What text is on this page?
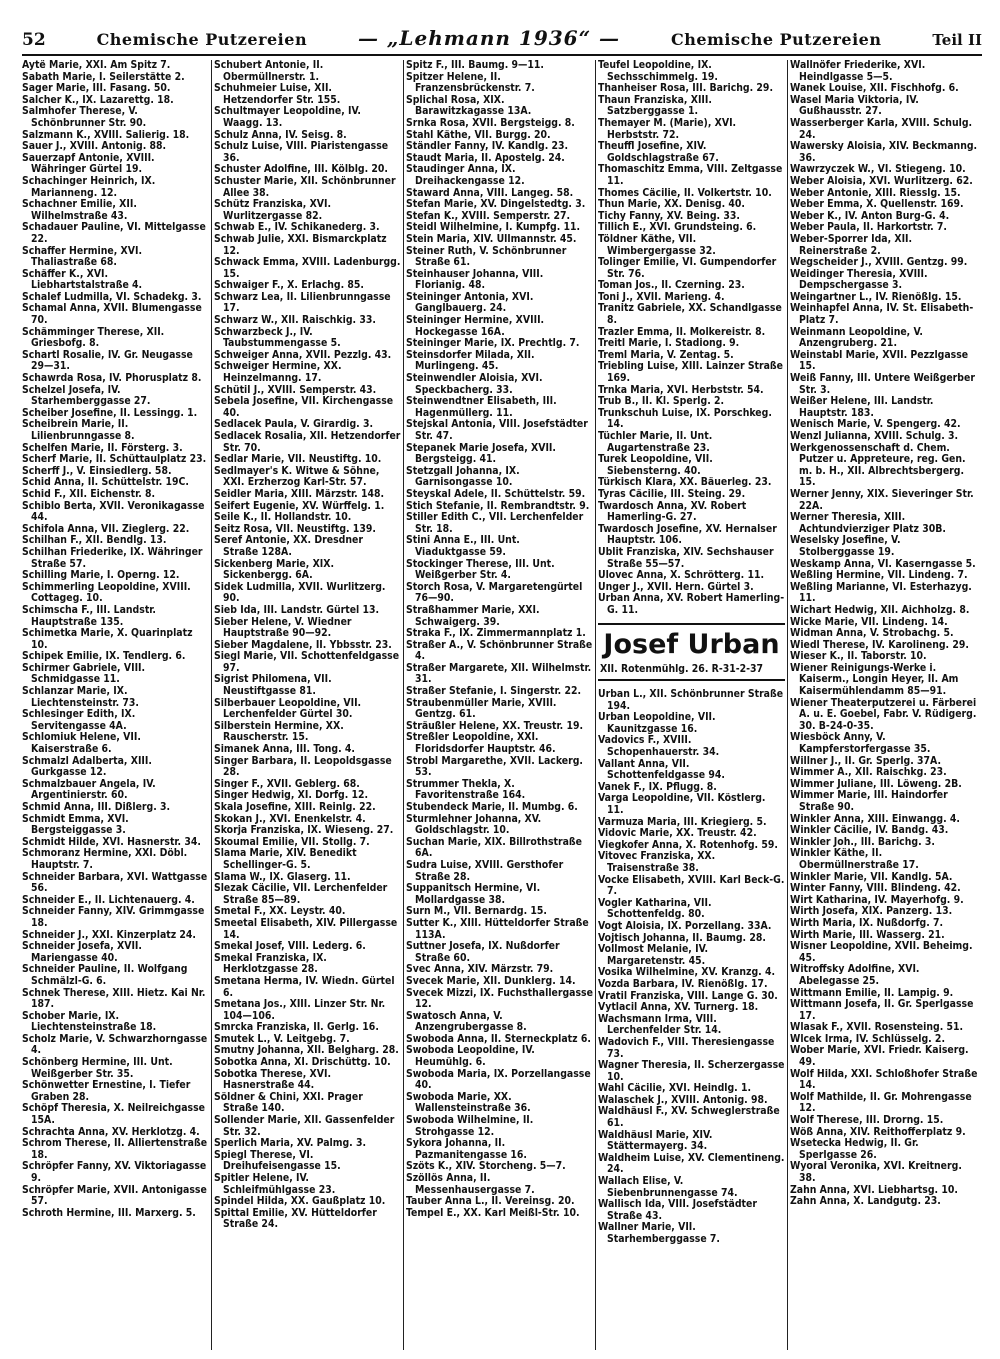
52	Chemische Putzereien	— „Lehmann 1936“ —	Chemische Putzereien	Teil II

Aytë Marie, XXI. Am Spitz 7.

Sabath Marie, I. Seilerstätte 2.

Sager Marie, III. Fasang. 50.

Salcher K., IX. Lazarettg. 18.

Salmhofer Therese, V. Schönbrunner Str. 90.

Salzmann K., XVIII. Salierig. 18.

Sauer J., XVIII. Antonig. 88.

Sauerzapf Antonie, XVIII. Währinger Gürtel 19.

Schachinger Heinrich, IX. Marianneng. 12.

Schachner Emilie, XII. Wilhelmstraße 43.

Schadauer Pauline, VI. Mittelgasse 22.

Schaffer Hermine, XVI. Thaliastraße 68.

Schäffer K., XVI. Liebhartstalstraße 4.

Schalef Ludmilla, VI. Schadekg. 3.

Schamal Anna, XVII. Blumengasse 70.

Schämminger Therese, XII. Griesbofg. 8.

Schartl Rosalie, IV. Gr. Neugasse 29—31.

Schawrda Rosa, IV. Phorusplatz 8.

Schelzel Josefa, IV. Starhemberggasse 27.

Scheiber Josefine, II. Lessingg. 1.

Scheibrein Marie, II. Lilienbrunngasse 8.

Schelfen Marie, II. Försterg. 3.

Scherf Marie, II. Schüttaulplatz 23.

Scherff J., V. Einsiedlerg. 58.

Schid Anna, II. Schüttelstr. 19C.

Schid F., XII. Eichenstr. 8.

Schiblo Berta, XVII. Veronikagasse 44.

Schifola Anna, VII. Zieglerg. 22.

Schilhan F., XII. Bendlg. 13.

Schilhan Friederike, IX. Währinger Straße 57.

Schilling Marie, I. Operng. 12.

Schimmerling Leopoldine, XVIII. Cottageg. 10.

Schimscha F., III. Landstr. Hauptstraße 135.

Schimetka Marie, X. Quarinplatz 10.

Schipek Emilie, IX. Tendlerg. 6.

Schirmer Gabriele, VIII. Schmidgasse 11.

Schlanzar Marie, IX. Liechtensteinstr. 73.

Schlesinger Edith, IX. Servitengasse 4A.

Schlomiuk Helene, VII. Kaiserstraße 6.

Schmalzl Adalberta, XIII. Gurkgasse 12.

Schmalzbauer Angela, IV. Argentinierstr. 60.

Schmid Anna, III. Dißlerg. 3.

Schmidt Emma, XVI. Bergsteiggasse 3.

Schmidt Hilde, XVI. Hasnerstr. 34.

Schmoranz Hermine, XXI. Döbl. Hauptstr. 7.

Schneider Barbara, XVI. Wattgasse 56.

Schneider E., II. Lichtenauerg. 4.

Schneider Fanny, XIV. Grimmgasse 18.

Schneider J., XXI. Kinzerplatz 24.

Schneider Josefa, XVII. Mariengasse 40.

Schneider Pauline, II. Wolfgang Schmälzl-G. 6.

Schnek Therese, XIII. Hietz. Kai Nr. 187.

Schober Marie, IX. Liechtensteinstraße 18.

Scholz Marie, V. Schwarzhorngasse 4.

Schönberg Hermine, III. Unt. Weißgerber Str. 35.

Schönwetter Ernestine, I. Tiefer Graben 28.

Schöpf Theresia, X. Neilreichgasse 15A.

Schrachta Anna, XV. Herklotzg. 4.

Schrom Therese, II. Alliertenstraße 18.

Schröpfer Fanny, XV. Viktoriagasse 9.

Schröpfer Marie, XVII. Antonigasse 57.

Schroth Hermine, III. Marxerg. 5.

Schubert Antonie, II. Obermüllnerstr. 1.

Schuhmeier Luise, XII. Hetzendorfer Str. 155.

Schultmayer Leopoldine, IV. Waagg. 13.

Schulz Anna, IV. Seisg. 8.

Schulz Luise, VIII. Piaristengasse 36.

Schuster Adolfine, III. Kölblg. 20.

Schuster Marie, XII. Schönbrunner Allee 38.

Schütz Franziska, XVI. Wurlitzergasse 82.

Schwab E., IV. Schikanederg. 3.

Schwab Julie, XXI. Bismarckplatz 12.

Schwack Emma, XVIII. Ladenburgg. 15.

Schwaiger F., X. Erlachg. 85.

Schwarz Lea, II. Lilienbrunngasse 17.

Schwarz W., XII. Raischkig. 33.

Schwarzbeck J., IV. Taubstummengasse 5.

Schweiger Anna, XVII. Pezzlg. 43.

Schweiger Hermine, XX. Heinzelmanng. 17.

Schütil J., XVIII. Semperstr. 43.

Sebela Josefine, VII. Kirchengasse 40.

Sedlacek Paula, V. Girardig. 3.

Sedlacek Rosalia, XII. Hetzendorfer Str. 70.

Sedlar Marie, VII. Neustiftg. 10.

Sedlmayer's K. Witwe & Söhne, XXI. Erzherzog Karl-Str. 57.

Seidler Maria, XIII. Märzstr. 148.

Seifert Eugenie, XV. Würffelg. 1.

Seile K., II. Hollandstr. 10.

Seitz Rosa, VII. Neustiftg. 139.

Seref Antonie, XX. Dresdner Straße 128A.

Sickenberg Marie, XIX. Sickenbergg. 6A.

Sidek Ludmilla, XVII. Wurlitzerg. 90.

Sieb Ida, III. Landstr. Gürtel 13.

Sieber Helene, V. Wiedner Hauptstraße 90—92.

Sieber Magdalene, II. Ybbsstr. 23.

Siegl Marie, VII. Schottenfeldgasse 97.

Sigrist Philomena, VII. Neustiftgasse 81.

Silberbauer Leopoldine, VII. Lerchenfelder Gürtel 30.

Silberstein Hermine, XX. Rauscherstr. 15.

Simanek Anna, III. Tong. 4.

Singer Barbara, II. Leopoldsgasse 28.

Singer F., XVII. Geblerg. 68.

Singer Hedwig, XI. Dorfg. 12.

Skala Josefine, XIII. Reinlg. 22.

Skokan J., XVI. Enenkelstr. 4.

Skorja Franziska, IX. Wieseng. 27.

Skoumal Emilie, VII. Stollg. 7.

Slama Marie, XIV. Benedikt Schellinger-G. 5.

Slama W., IX. Glaserg. 11.

Slezak Cäcilie, VII. Lerchenfelder Straße 85—89.

Smetal F., XX. Leystr. 40.

Smeetal Elisabeth, XIV. Pillergasse 14.

Smekal Josef, VIII. Lederg. 6.

Smekal Franziska, IX. Herklotzgasse 28.

Smetana Herma, IV. Wiedn. Gürtel 6.

Smetana Jos., XIII. Linzer Str. Nr. 104—106.

Smrcka Franziska, II. Gerlg. 16.

Smutek L., V. Leitgebg. 7.

Smutny Johanna, XII. Belgharg. 28.

Sobotka Anna, XI. Drischüttg. 10.

Sobotka Therese, XVI. Hasnerstraße 44.

Söldner & Chini, XXI. Prager Straße 140.

Sollender Marie, XII. Gassenfelder Str. 32.

Sperlich Maria, XV. Palmg. 3.

Spiegl Therese, VI. Dreihufeisengasse 15.

Spitler Helene, IV. Schleifmühlgasse 23.

Spindel Hilda, XX. Gaußplatz 10.

Spittal Emilie, XV. Hütteldorfer Straße 24.

Spitz F., III. Baumg. 9—11.

Spitzer Helene, II. Franzensbrückenstr. 7.

Splichal Rosa, XIX. Barawitzkagasse 13A.

Srnka Rosa, XVII. Bergsteigg. 8.

Stahl Käthe, VII. Burgg. 20.

Ständler Fanny, IV. Kandlg. 23.

Staudt Maria, II. Apostelg. 24.

Staudinger Anna, IX. Dreihackengasse 12.

Staward Anna, VIII. Langeg. 58.

Stefan Marie, XV. Dingelstedtg. 3.

Stefan K., XVIII. Semperstr. 27.

Steidl Wilhelmine, I. Kumpfg. 11.

Stein Maria, XIV. Ullmannstr. 45.

Steiner Ruth, V. Schönbrunner Straße 61.

Steinhauser Johanna, VIII. Florianig. 48.

Steininger Antonia, XVI. Ganglbauerg. 24.

Steininger Hermine, XVIII. Hockegasse 16A.

Steininger Marie, IX. Prechtlg. 7.

Steinsdorfer Milada, XII. Murlingeng. 45.

Steinwendler Aloisia, XVI. Speckbacherg. 33.

Steinwendtner Elisabeth, III. Hagenmüllerg. 11.

Stejskal Antonia, VIII. Josefstädter Str. 47.

Stepanek Marie Josefa, XVII. Bergsteigg. 41.

Stetzgall Johanna, IX. Garnisongasse 10.

Steyskal Adele, II. Schüttelstr. 59.

Stich Stefanie, II. Rembrandtstr. 9.

Stiller Edith C., VII. Lerchenfelder Str. 18.

Stini Anna E., III. Unt. Viaduktgasse 59.

Stockinger Therese, III. Unt. Weißgerber Str. 4.

Storch Rosa, V. Margaretengürtel 76—90.

Straßhammer Marie, XXI. Schwaigerg. 39.

Straka F., IX. Zimmermannplatz 1.

Straßer A., V. Schönbrunner Straße 4.

Straßer Margarete, XII. Wilhelmstr. 31.

Straßer Stefanie, I. Singerstr. 22.

Straubenmüller Marie, XVIII. Gentzg. 61.

Sträußler Helene, XX. Treustr. 19.

Streßler Leopoldine, XXI. Floridsdorfer Hauptstr. 46.

Strobl Margarethe, XVII. Lackerg. 53.

Strummer Thekla, X. Favoritenstraße 164.

Stubendeck Marie, II. Mumbg. 6.

Sturmlehner Johanna, XV. Goldschlagstr. 10.

Suchan Marie, XIX. Billrothstraße 6A.

Sudra Luise, XVIII. Gersthofer Straße 28.

Suppanitsch Hermine, VI. Mollardgasse 38.

Surn M., VII. Bernardg. 15.

Sutter K., XIII. Hütteldorfer Straße 113A.

Suttner Josefa, IX. Nußdorfer Straße 60.

Svec Anna, XIV. Märzstr. 79.

Svecek Marie, XII. Dunklerg. 14.

Svecek Mizzi, IX. Fuchsthallergasse 12.

Swatosch Anna, V. Anzengrubergasse 8.

Swoboda Anna, II. Sterneckplatz 6.

Swoboda Leopoldine, IV. Heumühlg. 6.

Swoboda Maria, IX. Porzellangasse 40.

Swoboda Marie, XX. Wallensteinstraße 36.

Swoboda Wilhelmine, II. Strohgasse 12.

Sykora Johanna, II. Pazmanitengasse 16.

Szöts K., XIV. Storcheng. 5—7.

Szöllös Anna, II. Messenhausergasse 7.

Tauber Anna L., II. Vereinsg. 20.

Tempel E., XX. Karl Meißl-Str. 10.

Teufel Leopoldine, IX. Sechsschimmelg. 19.

Thanheiser Rosa, III. Barichg. 29.

Thaun Franziska, XIII. Satzberggasse 1.

Themayer M. (Marie), XVI. Herbststr. 72.

Theuffl Josefine, XIV. Goldschlagstraße 67.

Thomaschitz Emma, VIII. Zeltgasse 11.

Thomes Cäcilie, II. Volkertstr. 10.

Thun Marie, XX. Denisg. 40.

Tichy Fanny, XV. Being. 33.

Tillich E., XVI. Grundsteing. 6.

Töldner Käthe, VII. Wimbergergasse 32.

Tolinger Emilie, VI. Gumpendorfer Str. 76.

Toman Jos., II. Czerning. 23.

Toni J., XVII. Marieng. 4.

Tranitz Gabriele, XX. Schandlgasse 8.

Trazler Emma, II. Molkereistr. 8.

Treitl Marie, I. Stadiong. 9.

Treml Maria, V. Zentag. 5.

Triebling Luise, XIII. Lainzer Straße 169.

Trnka Maria, XVI. Herbststr. 54.

Trub B., II. Kl. Sperlg. 2.

Trunkschuh Luise, IX. Porschkeg. 14.

Tüchler Marie, II. Unt. Augartenstraße 23.

Turek Leopoldine, VII. Siebensterng. 40.

Türkisch Klara, XX. Bäuerleg. 23.

Tyras Cäcilie, III. Steing. 29.

Twardosch Anna, XV. Robert Hamerling-G. 27.

Twardosch Josefine, XV. Hernalser Hauptstr. 106.

Ublit Franziska, XIV. Sechshauser Straße 55—57.

Ulovec Anna, X. Schrötterg. 11.

Unger J., XVII. Hern. Gürtel 3.

Urban Anna, XV. Robert Hamerling-G. 11.

Josef Urban
XII. Rotenmühlg. 26. R-31-2-37

Urban L., XII. Schönbrunner Straße 194.

Urban Leopoldine, VII. Kaunitzgasse 16.

Vadovics F., XVIII. Schopenhauerstr. 34.

Vallant Anna, VII. Schottenfeldgasse 94.

Vanek F., IX. Pflugg. 8.

Varga Leopoldine, VII. Köstlerg. 11.

Varmuza Maria, III. Kriegierg. 5.

Vidovic Marie, XX. Treustr. 42.

Viegkofer Anna, X. Rotenhofg. 59.

Vitovec Franziska, XX. Traisenstraße 38.

Vocke Elisabeth, XVIII. Karl Beck-G. 7.

Vogler Katharina, VII. Schottenfeldg. 80.

Vogt Aloisia, IX. Porzellang. 33A.

Vojtisch Johanna, II. Baumg. 28.

Vollmost Melanie, IV. Margaretenstr. 45.

Vosika Wilhelmine, XV. Kranzg. 4.

Vozda Barbara, IV. Rienößlg. 17.

Vratil Franziska, VIII. Lange G. 30.

Vytlacil Anna, XV. Turnerg. 18.

Wachsmann Irma, VIII. Lerchenfelder Str. 14.

Wadovich F., VIII. Theresiengasse 73.

Wagner Theresia, II. Scherzergasse 10.

Wahl Cäcilie, XVI. Heindlg. 1.

Walaschek J., XVIII. Antonig. 98.

Waldhäusl F., XV. Schweglerstraße 61.

Waldhäusl Marie, XIV. Stättermayerg. 34.

Waldheim Luise, XV. Clementineng. 24.

Wallach Elise, V. Siebenbrunnengasse 74.

Wallisch Ida, VIII. Josefstädter Straße 43.

Wallner Marie, VII. Starhemberggasse 7.

Wallnöfer Friederike, XVI. Heindlgasse 5—5.

Wanek Louise, XII. Fischhofg. 6.

Wasel Maria Viktoria, IV. Gußhausstr. 27.

Wasserberger Karla, XVIII. Schulg. 24.

Wawersky Aloisia, XIV. Beckmanng. 36.

Wawrzyczek W., VI. Stiegeng. 10.

Weber Aloisia, XVI. Wurlitzerg. 62.

Weber Antonie, XIII. Riesslg. 15.

Weber Emma, X. Quellenstr. 169.

Weber K., IV. Anton Burg-G. 4.

Weber Paula, II. Harkortstr. 7.

Weber-Sporrer Ida, XII. Reinerstraße 2.

Wegscheider J., XVIII. Gentzg. 99.

Weidinger Theresia, XVIII. Dempschergasse 3.

Weingartner L., IV. Rienößlg. 15.

Weinhapfel Anna, IV. St. Elisabeth-Platz 7.

Weinmann Leopoldine, V. Anzengruberg. 21.

Weinstabl Marie, XVII. Pezzlgasse 15.

Weiß Fanny, III. Untere Weißgerber Str. 3.

Weißer Helene, III. Landstr. Hauptstr. 183.

Wenisch Marie, V. Spengerg. 42.

Wenzl Julianna, XVIII. Schulg. 3.

Werkgenossenschaft d. Chem. Putzer u. Appreteure, reg. Gen. m. b. H., XII. Albrechtsbergerg. 15.

Werner Jenny, XIX. Sieveringer Str. 22A.

Werner Theresia, XIII. Achtundvierziger Platz 30B.

Weselsky Josefine, V. Stolberggasse 19.

Weskamp Anna, VI. Kaserngasse 5.

Weßling Hermine, VII. Lindeng. 7.

Weßling Marianne, VI. Esterhazyg. 11.

Wichart Hedwig, XII. Aichholzg. 8.

Wicke Marie, VII. Lindeng. 14.

Widman Anna, V. Strobachg. 5.

Wiedl Therese, IV. Karolineng. 29.

Wieser K., II. Taborstr. 10.

Wiener Reinigungs-Werke i. Kaiserm., Longin Heyer, II. Am Kaisermühlendamm 85—91.

Wiener Theaterputzerei u. Färberei A. u. E. Goebel, Fabr. V. Rüdigerg. 30. B-24-0-35.

Wiesböck Anny, V. Kampferstorfergasse 35.

Willner J., II. Gr. Sperlg. 37A.

Wimmer A., XII. Raischkg. 23.

Wimmer Juliane, III. Löweng. 2B.

Wimmer Marie, III. Haindorfer Straße 90.

Winkler Anna, XIII. Einwangg. 4.

Winkler Cäcilie, IV. Bandg. 43.

Winkler Joh., III. Barichg. 3.

Winkler Käthe, II. Obermüllnerstraße 17.

Winkler Marie, VII. Kandlg. 5A.

Winter Fanny, VIII. Blindeng. 42.

Wirt Katharina, IV. Mayerhofg. 9.

Wirth Josefa, XIX. Panzerg. 13.

Wirth Maria, IX. Nußdorfg. 7.

Wirth Marie, III. Wasserg. 21.

Wisner Leopoldine, XVII. Beheimg. 45.

Witroffsky Adolfine, XVI. Abelegasse 25.

Wittmann Emilie, II. Lampig. 9.

Wittmann Josefa, II. Gr. Sperlgasse 17.

Wlasak F., XVII. Rosensteing. 51.

Wlcek Irma, IV. Schlüsselg. 2.

Wober Marie, XVI. Friedr. Kaiserg. 49.

Wolf Hilda, XXI. Schloßhofer Straße 14.

Wolf Mathilde, II. Gr. Mohrengasse 12.

Wolf Therese, III. Drorng. 15.

Wöß Anna, XIV. Reithofferplatz 9.

Wsetecka Hedwig, II. Gr. Sperlgasse 26.

Wyoral Veronika, XVI. Kreitnerg. 38.

Zahn Anna, XVI. Liebhartsg. 10.

Zahn Anna, X. Landgutg. 23.
